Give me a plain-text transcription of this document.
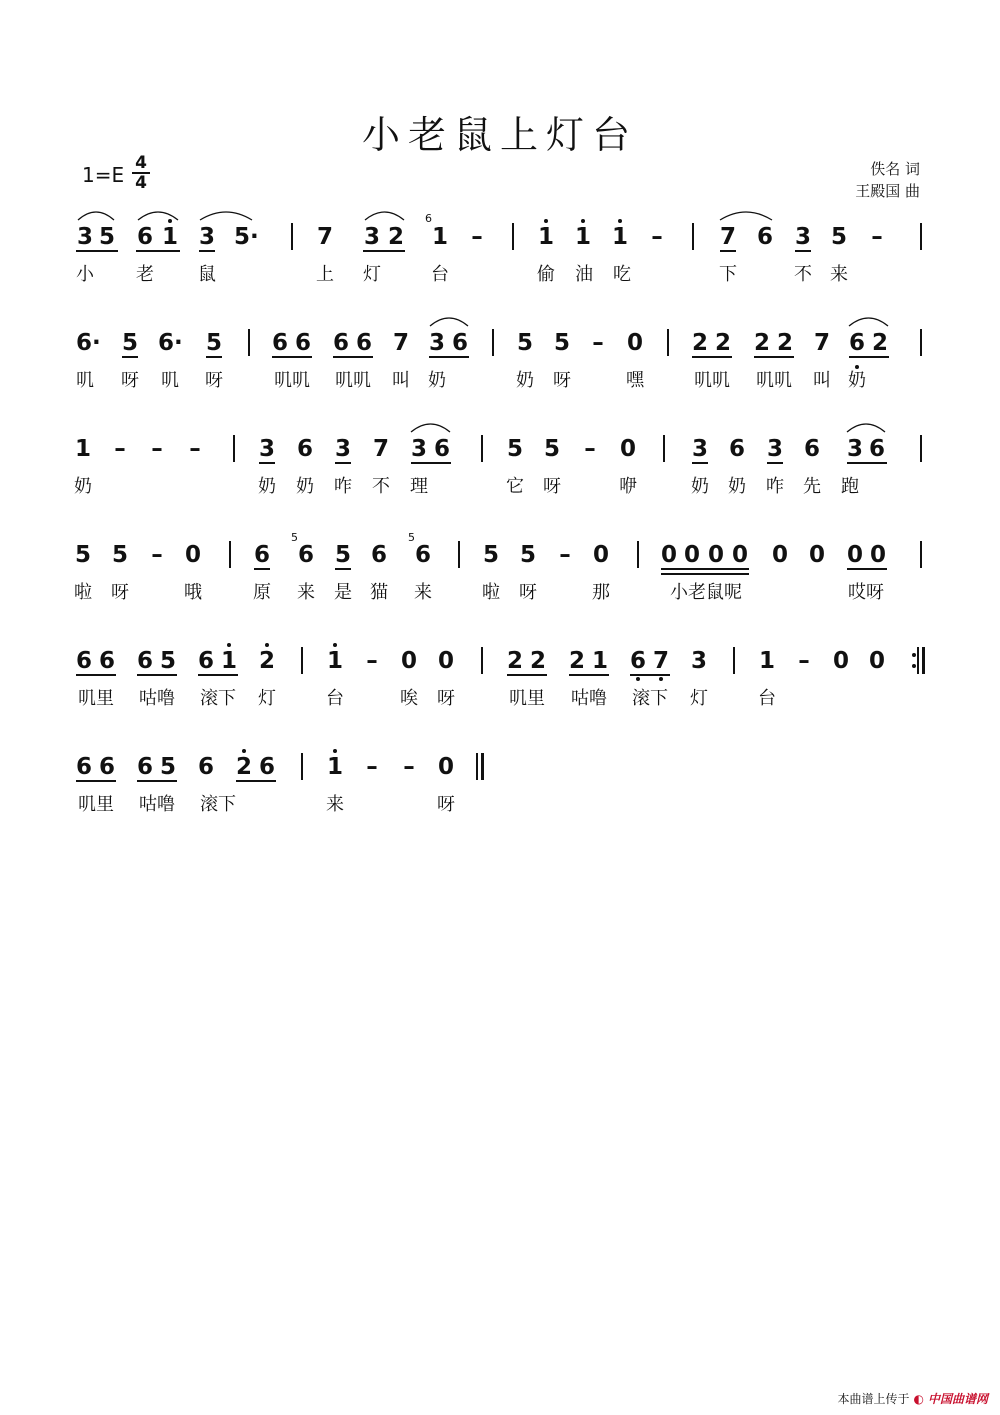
小老鼠上灯台
1=E 4
4
佚名 词
王殿国 曲
3 5 6 1 3 5·	7 3 2 1 – 1 1 1 – 7 6 3 5 –
6
小 老 鼠	上 灯	台	偷油吃	下	不 来
6· 5 6· 5 6 6 6 6 7 3 6 5 5 – 0 2 2 2 2 7 6 2
叽 呀 叽 呀	叽叽 叽叽 叫 奶	奶 呀	嘿	叽叽 叽叽 叫 奶
1 – – –	3 6 3 7 3 6 5 5 – 0 3 6 3 6 3 6
奶	奶 奶 咋 不 理	它 呀	咿	奶 奶 咋 先 跑
5 5 – 0 6 6 5 6 6 5 5 – 0 0 0 0 0 0 0 0 0
5	5
啦 呀	哦	原 来 是 猫 来	啦 呀	那	小老鼠呢	哎呀
6 6 6 5 6 1 2 1 – 0 0 2 2 2 1 6 7 3 1 – 0 0
叽里 咕噜 滚下 灯	台	唉 呀	叽里 咕噜 滚下 灯	台
6 6 6 5 6 2 6 1 – – 0
叽里 咕噜 滚下	来	呀
本曲谱上传于 ◐ 中国曲谱网
